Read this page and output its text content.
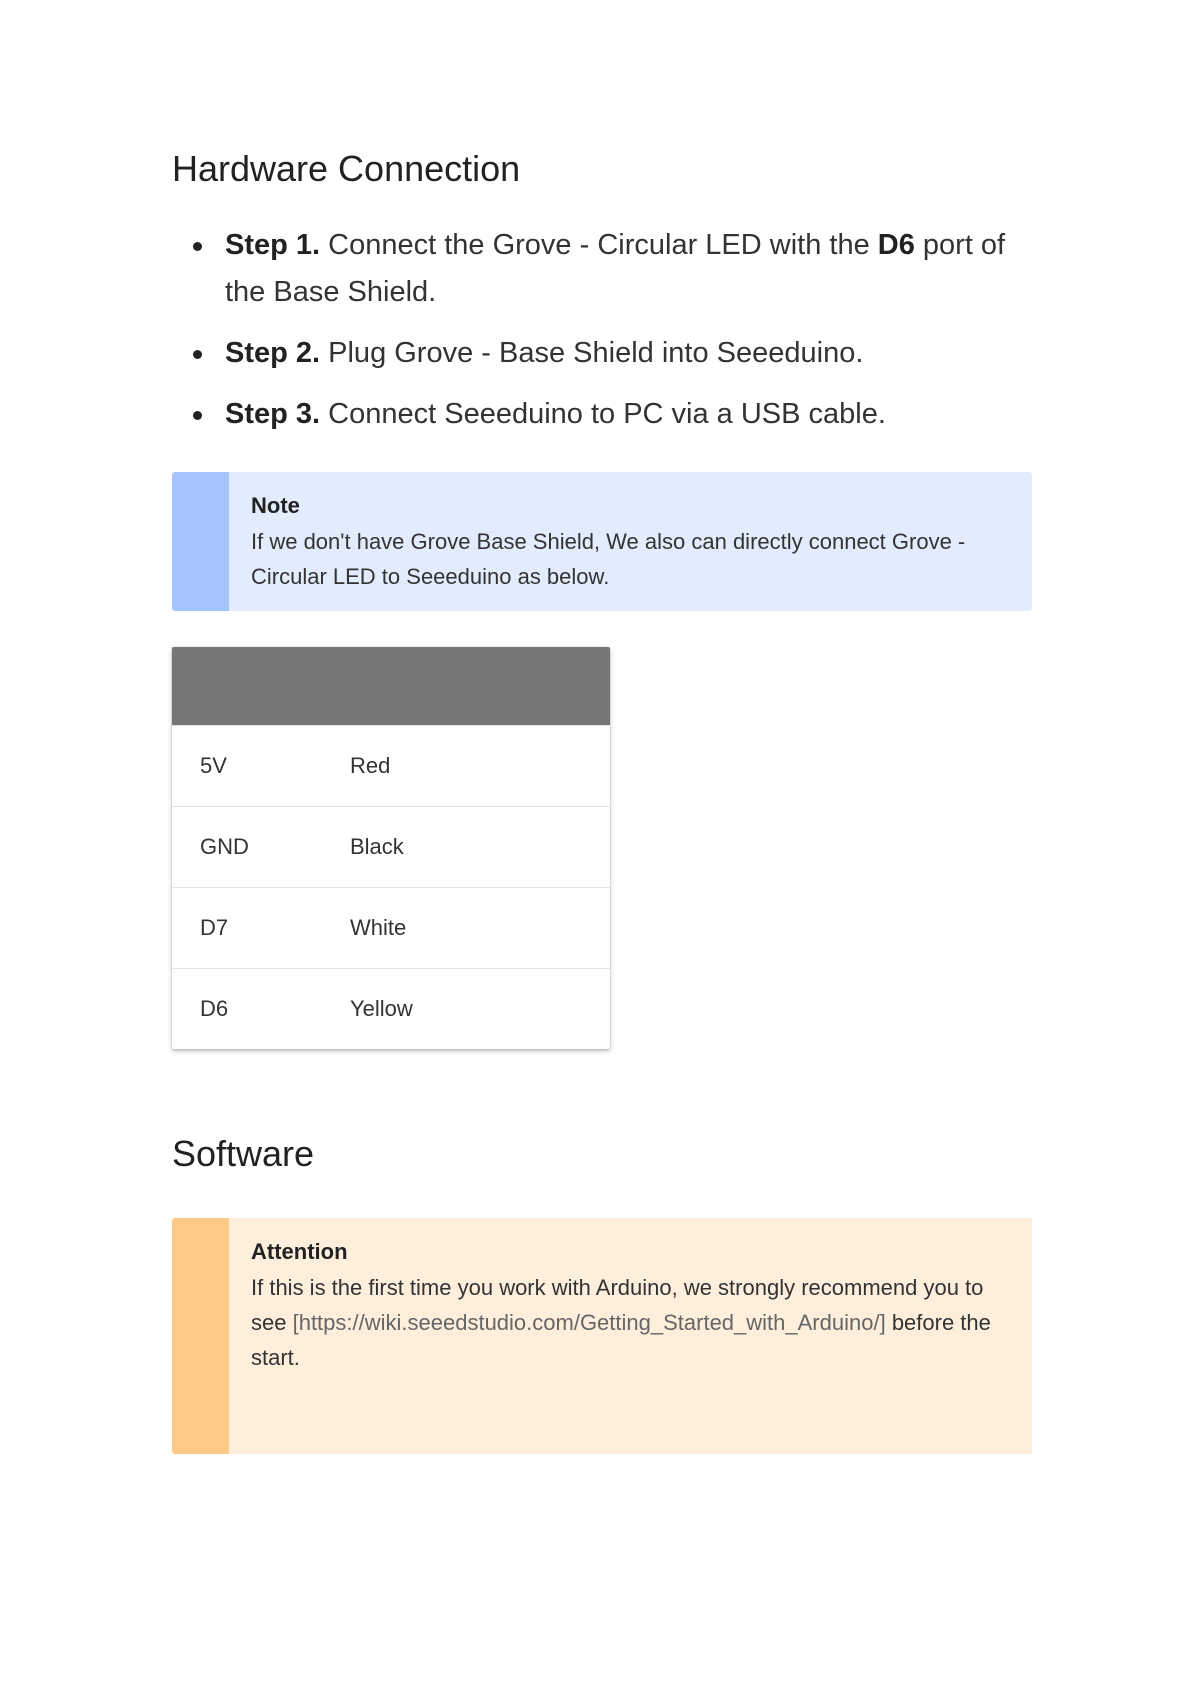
Hardware Connection
Step 1. Connect the Grove - Circular LED with the D6 port of the Base Shield.
Step 2. Plug Grove - Base Shield into Seeeduino.
Step 3. Connect Seeeduino to PC via a USB cable.
Note
If we don't have Grove Base Shield, We also can directly connect Grove - Circular LED to Seeeduino as below.
5V	Red
GND	Black
D7	White
D6	Yellow
Software
Attention
If this is the first time you work with Arduino, we strongly recommend you to see [https://wiki.seeedstudio.com/Getting_Started_with_Arduino/] before the start.
